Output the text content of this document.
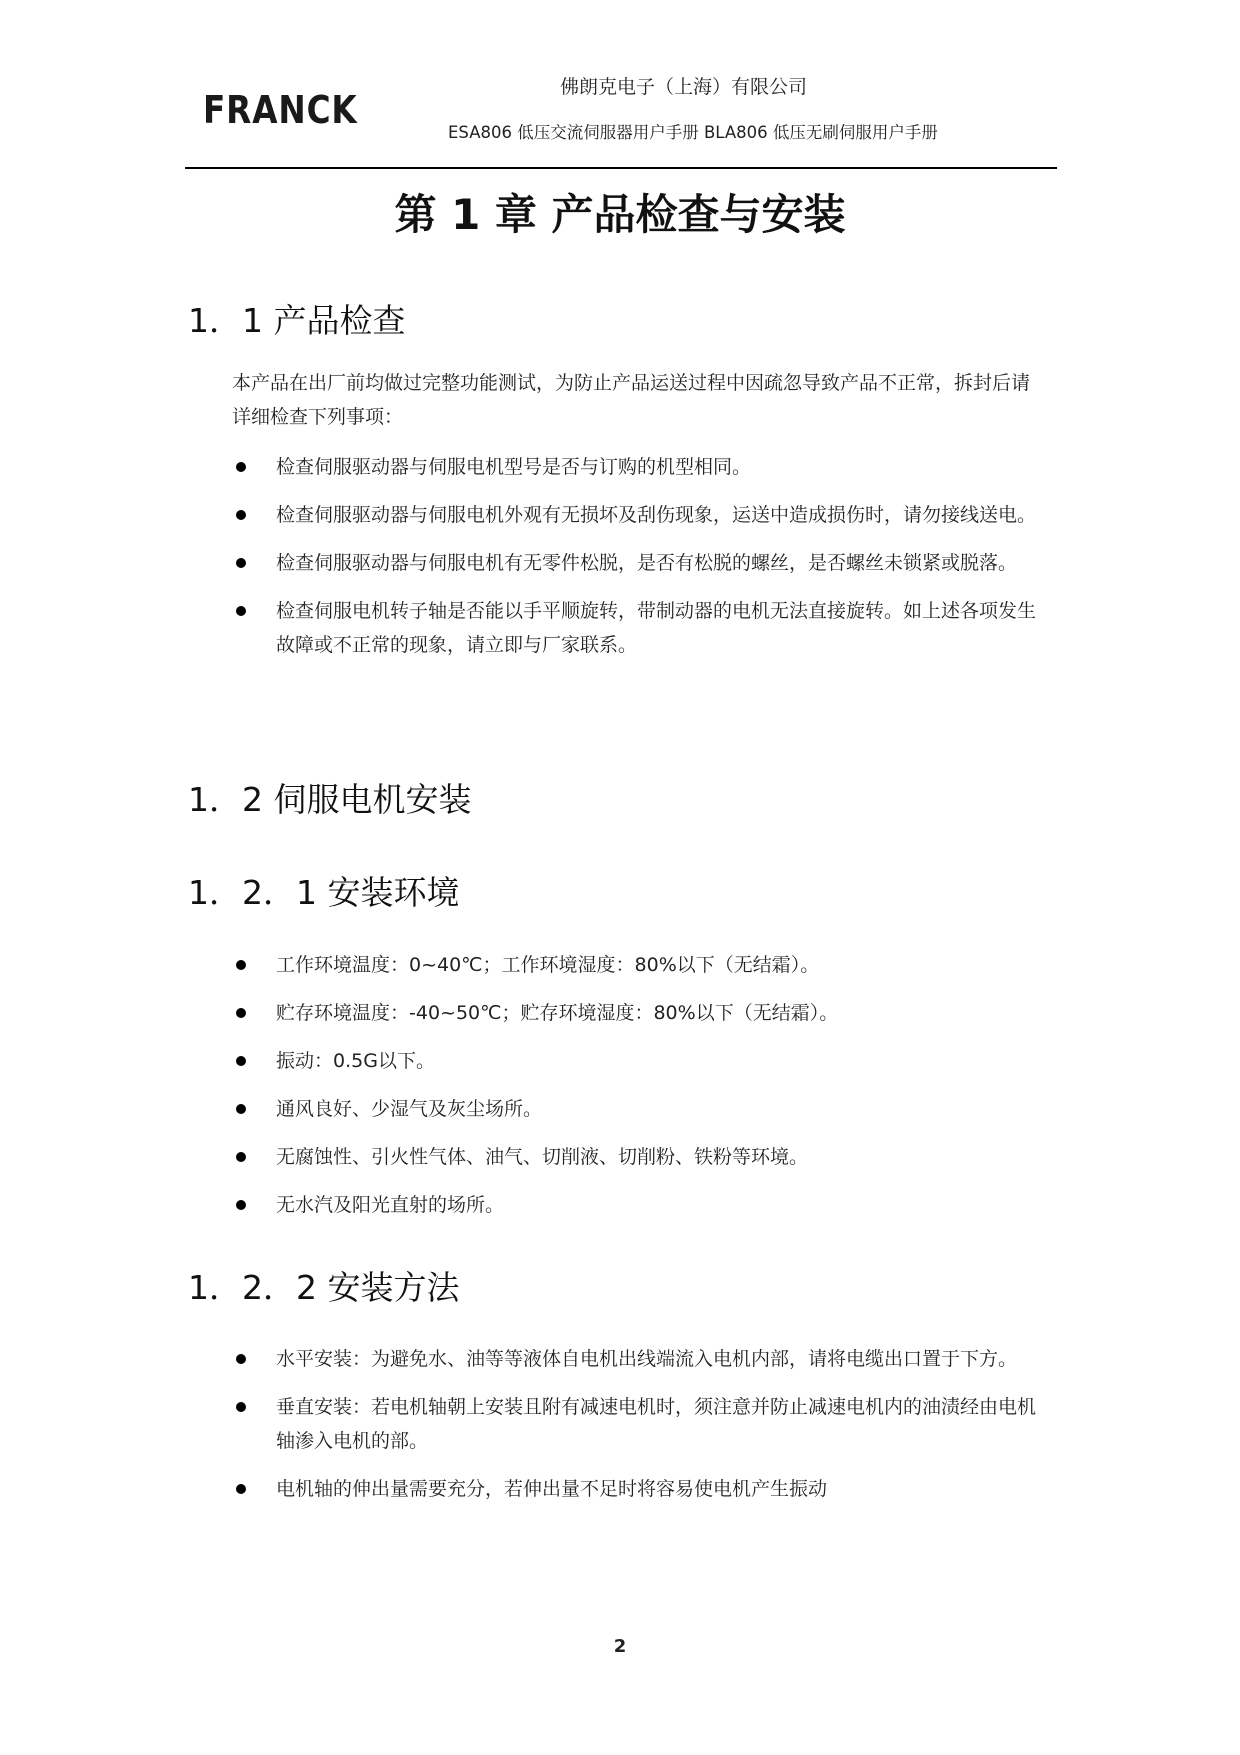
FRANCK
佛朗克电子（上海）有限公司
ESA806 低压交流伺服器用户手册 BLA806 低压无刷伺服用户手册
第 1 章 产品检查与安装
1．1 产品检查
本产品在出厂前均做过完整功能测试，为防止产品运送过程中因疏忽导致产品不正常，拆封后请详细检查下列事项：
检查伺服驱动器与伺服电机型号是否与订购的机型相同。
检查伺服驱动器与伺服电机外观有无损坏及刮伤现象，运送中造成损伤时，请勿接线送电。
检查伺服驱动器与伺服电机有无零件松脱，是否有松脱的螺丝，是否螺丝未锁紧或脱落。
检查伺服电机转子轴是否能以手平顺旋转，带制动器的电机无法直接旋转。如上述各项发生故障或不正常的现象，请立即与厂家联系。
1．2 伺服电机安装
1．2．1 安装环境
工作环境温度：0~40℃；工作环境湿度：80%以下（无结霜）。
贮存环境温度：-40~50℃；贮存环境湿度：80%以下（无结霜）。
振动：0.5G以下。
通风良好、少湿气及灰尘场所。
无腐蚀性、引火性气体、油气、切削液、切削粉、铁粉等环境。
无水汽及阳光直射的场所。
1．2．2 安装方法
水平安装：为避免水、油等等液体自电机出线端流入电机内部，请将电缆出口置于下方。
垂直安装：若电机轴朝上安装且附有减速电机时，须注意并防止减速电机内的油渍经由电机轴渗入电机的部。
电机轴的伸出量需要充分，若伸出量不足时将容易使电机产生振动
2
